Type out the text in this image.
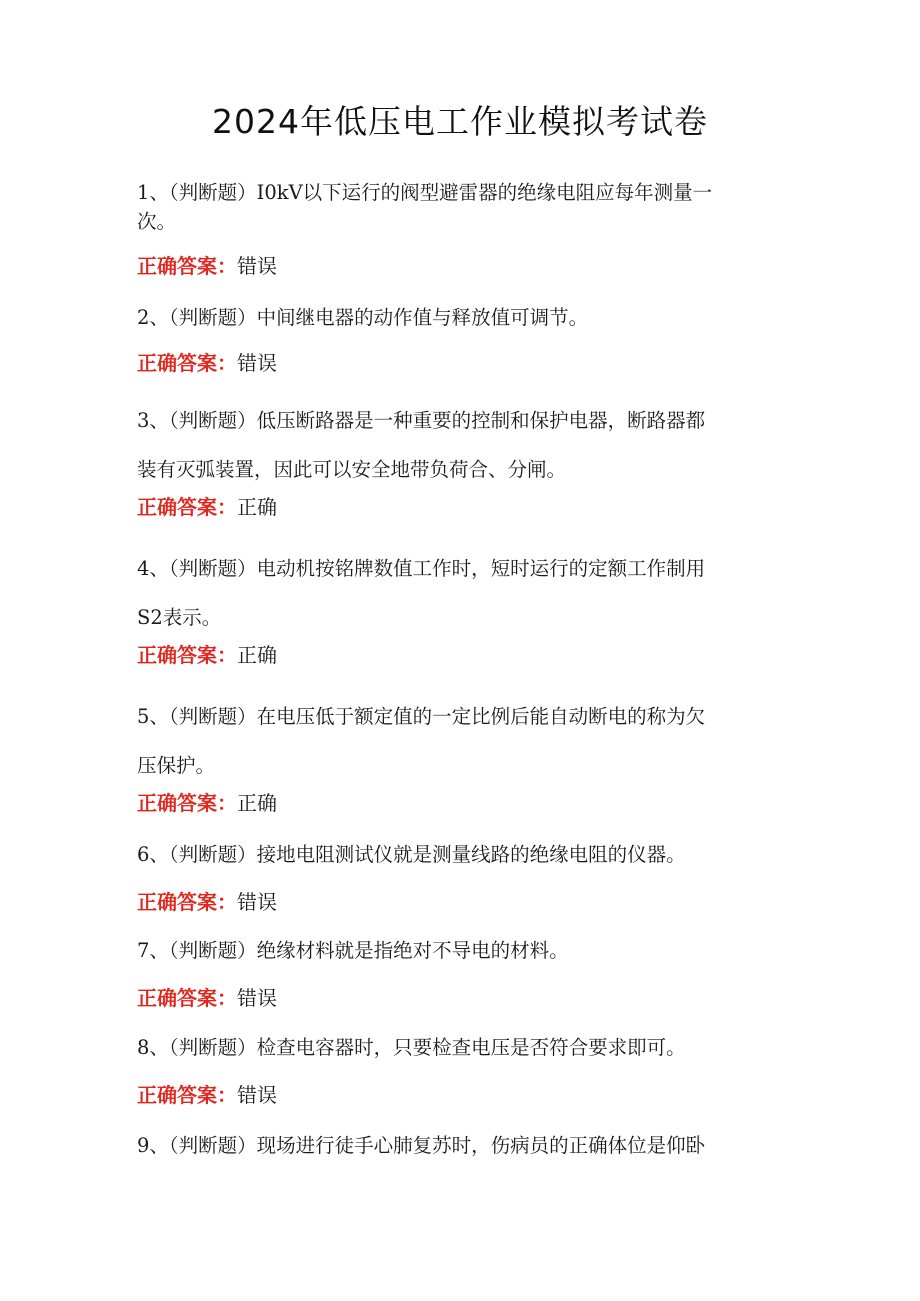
2024年低压电工作业模拟考试卷
1、（判断题）I0kV以下运行的阀型避雷器的绝缘电阻应每年测量一
次。
正确答案：错误
2、（判断题）中间继电器的动作值与释放值可调节。
正确答案：错误
3、（判断题）低压断路器是一种重要的控制和保护电器，断路器都
装有灭弧装置，因此可以安全地带负荷合、分闸。
正确答案：正确
4、（判断题）电动机按铭牌数值工作时，短时运行的定额工作制用
S2表示。
正确答案：正确
5、（判断题）在电压低于额定值的一定比例后能自动断电的称为欠
压保护。
正确答案：正确
6、（判断题）接地电阻测试仪就是测量线路的绝缘电阻的仪器。
正确答案：错误
7、（判断题）绝缘材料就是指绝对不导电的材料。
正确答案：错误
8、（判断题）检查电容器时，只要检查电压是否符合要求即可。
正确答案：错误
9、（判断题）现场进行徒手心肺复苏时，伤病员的正确体位是仰卧
